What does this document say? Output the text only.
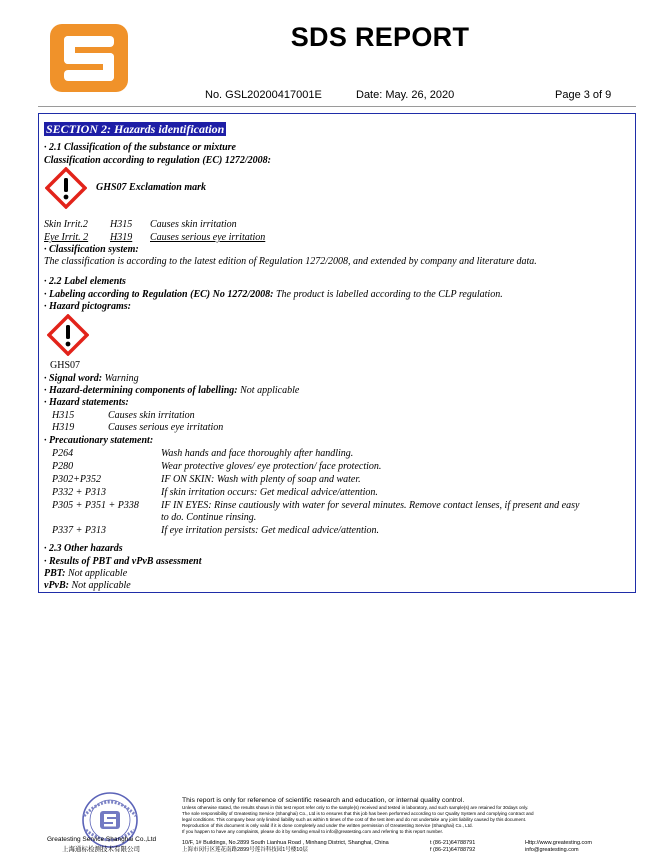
SDS REPORT
No. GSL20200417001E	Date: May. 26, 2020	Page 3 of 9
SECTION 2: Hazards identification
· 2.1 Classification of the substance or mixture
Classification according to regulation (EC) 1272/2008:
GHS07 Exclamation mark
Skin Irrit.2 H315 Causes skin irritation
Eye Irrit. 2 H319 Causes serious eye irritation
· Classification system:
The classification is according to the latest edition of Regulation 1272/2008, and extended by company and literature data.
· 2.2 Label elements
· Labeling according to Regulation (EC) No 1272/2008: The product is labelled according to the CLP regulation.
· Hazard pictograms:
GHS07
· Signal word: Warning
· Hazard-determining components of labelling: Not applicable
· Hazard statements:
H315	Causes skin irritation
H319	Causes serious eye irritation
· Precautionary statement:
P264	Wash hands and face thoroughly after handling.
P280	Wear protective gloves/ eye protection/ face protection.
P302+P352	IF ON SKIN: Wash with plenty of soap and water.
P332 + P313	If skin irritation occurs: Get medical advice/attention.
P305 + P351 + P338 IF IN EYES: Rinse cautiously with water for several minutes. Remove contact lenses, if present and easy
to do. Continue rinsing.
P337 + P313	If eye irritation persists: Get medical advice/attention.
· 2.3 Other hazards
· Results of PBT and vPvB assessment
PBT: Not applicable
vPvB: Not applicable
Greatesting Service Shanghai Co.,Ltd
上海通标检测技术有限公司
This report is only for reference of scientific research and education, or internal quality control.
Unless otherwise stated, the results shown in this test report refer only to the sample(s) received and tested in laboratory, and such sample(s) are retained for 30days only.
The sole responsibility of Greatesting Service (Shanghai) Co., Ltd is to ensures that this job has been performed according to our Quality System and complying contract and
legal conditions. This company bear only limited liability such as within 5 times of the cost of the test item and do not undertake any joint liability caused by this document.
Reproduction of this document is only valid if it is done completely and under the written permission of Greatesting Service (Shanghai) Co., Ltd.
If you happen to have any complaints, please do it by sending email to info@greatesting.com and referring to this report number.
10/F, 1# Buildings, No.2899 South Lianhua Road , Minhang District, Shanghai, China
上海市闵行区莲花南路2899号莲谷科技园1号楼10层
t (86-21)64788791
f (86-21)64788792
Http://www.greatesting.com
info@greatesting.com
